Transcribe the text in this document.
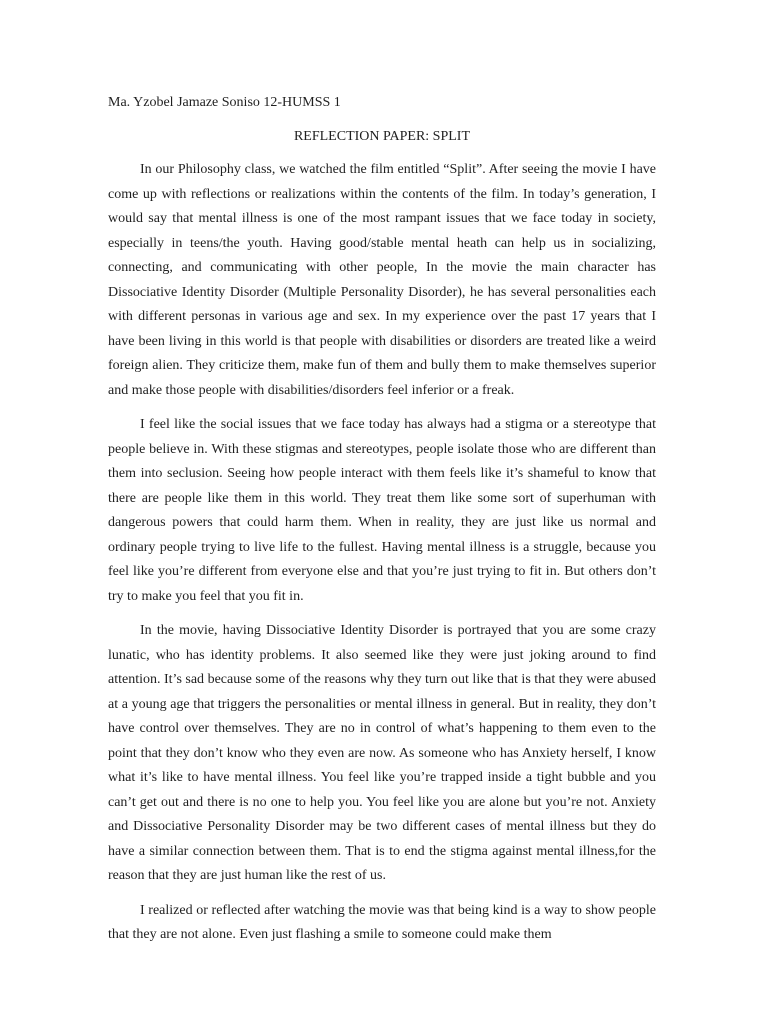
Ma. Yzobel Jamaze Soniso 12-HUMSS 1

REFLECTION PAPER: SPLIT

In our Philosophy class, we watched the film entitled “Split”. After seeing the movie I have come up with reflections or realizations within the contents of the film. In today’s generation, I would say that mental illness is one of the most rampant issues that we face today in society, especially in teens/the youth. Having good/stable mental heath can help us in socializing, connecting, and communicating with other people, In the movie the main character has Dissociative Identity Disorder (Multiple Personality Disorder), he has several personalities each with different personas in various age and sex. In my experience over the past 17 years that I have been living in this world is that people with disabilities or disorders are treated like a weird foreign alien. They criticize them, make fun of them and bully them to make themselves superior and make those people with disabilities/disorders feel inferior or a freak.

I feel like the social issues that we face today has always had a stigma or a stereotype that people believe in. With these stigmas and stereotypes, people isolate those who are different than them into seclusion. Seeing how people interact with them feels like it’s shameful to know that there are people like them in this world. They treat them like some sort of superhuman with dangerous powers that could harm them. When in reality, they are just like us normal and ordinary people trying to live life to the fullest. Having mental illness is a struggle, because you feel like you’re different from everyone else and that you’re just trying to fit in. But others don’t try to make you feel that you fit in.

In the movie, having Dissociative Identity Disorder is portrayed that you are some crazy lunatic, who has identity problems. It also seemed like they were just joking around to find attention. It’s sad because some of the reasons why they turn out like that is that they were abused at a young age that triggers the personalities or mental illness in general. But in reality, they don’t have control over themselves. They are no in control of what’s happening to them even to the point that they don’t know who they even are now. As someone who has Anxiety herself, I know what it’s like to have mental illness. You feel like you’re trapped inside a tight bubble and you can’t get out and there is no one to help you. You feel like you are alone but you’re not. Anxiety and Dissociative Personality Disorder may be two different cases of mental illness but they do have a similar connection between them. That is to end the stigma against mental illness,for the reason that they are just human like the rest of us.

I realized or reflected after watching the movie was that being kind is a way to show people that they are not alone. Even just flashing a smile to someone could make them
